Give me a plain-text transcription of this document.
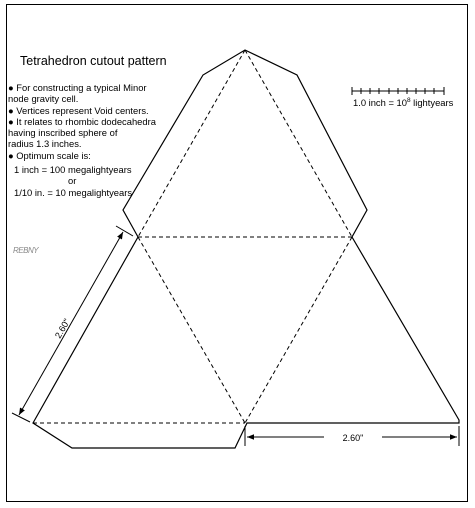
Tetrahedron cutout pattern
● For constructing a typical Minor
node gravity cell.
● Vertices represent Void centers.
● It relates to rhombic dodecahedra
having inscribed sphere of
radius 1.3 inches.
● Optimum scale is:
1 inch = 100 megalightyears
or
1/10 in. = 10 megalightyears
1.0 inch = $10^8$ lightyears
REBNY
2.60"
2.60"
